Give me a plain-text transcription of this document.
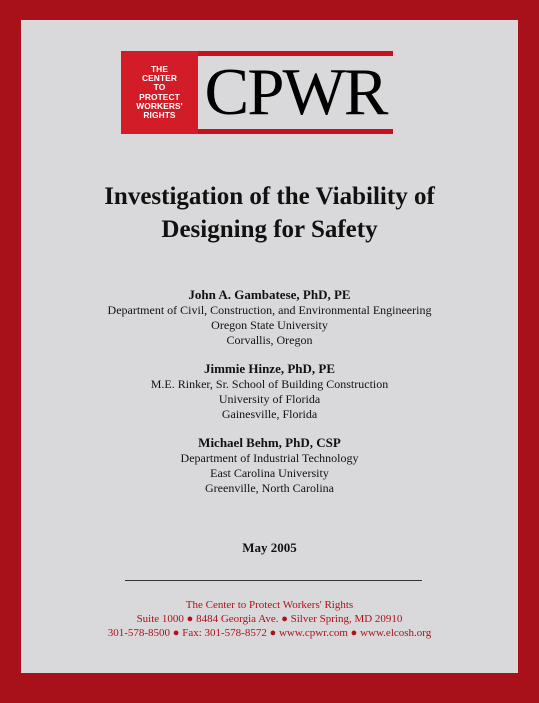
THE
CENTER
TO
PROTECT
WORKERS'
RIGHTS CPWR
Investigation of the Viability of
Designing for Safety
John A. Gambatese, PhD, PE
Department of Civil, Construction, and Environmental Engineering
Oregon State University
Corvallis, Oregon
Jimmie Hinze, PhD, PE
M.E. Rinker, Sr. School of Building Construction
University of Florida
Gainesville, Florida
Michael Behm, PhD, CSP
Department of Industrial Technology
East Carolina University
Greenville, North Carolina
May 2005
The Center to Protect Workers' Rights
Suite 1000 ● 8484 Georgia Ave. ● Silver Spring, MD 20910
301-578-8500 ● Fax: 301-578-8572 ● www.cpwr.com ● www.elcosh.org
